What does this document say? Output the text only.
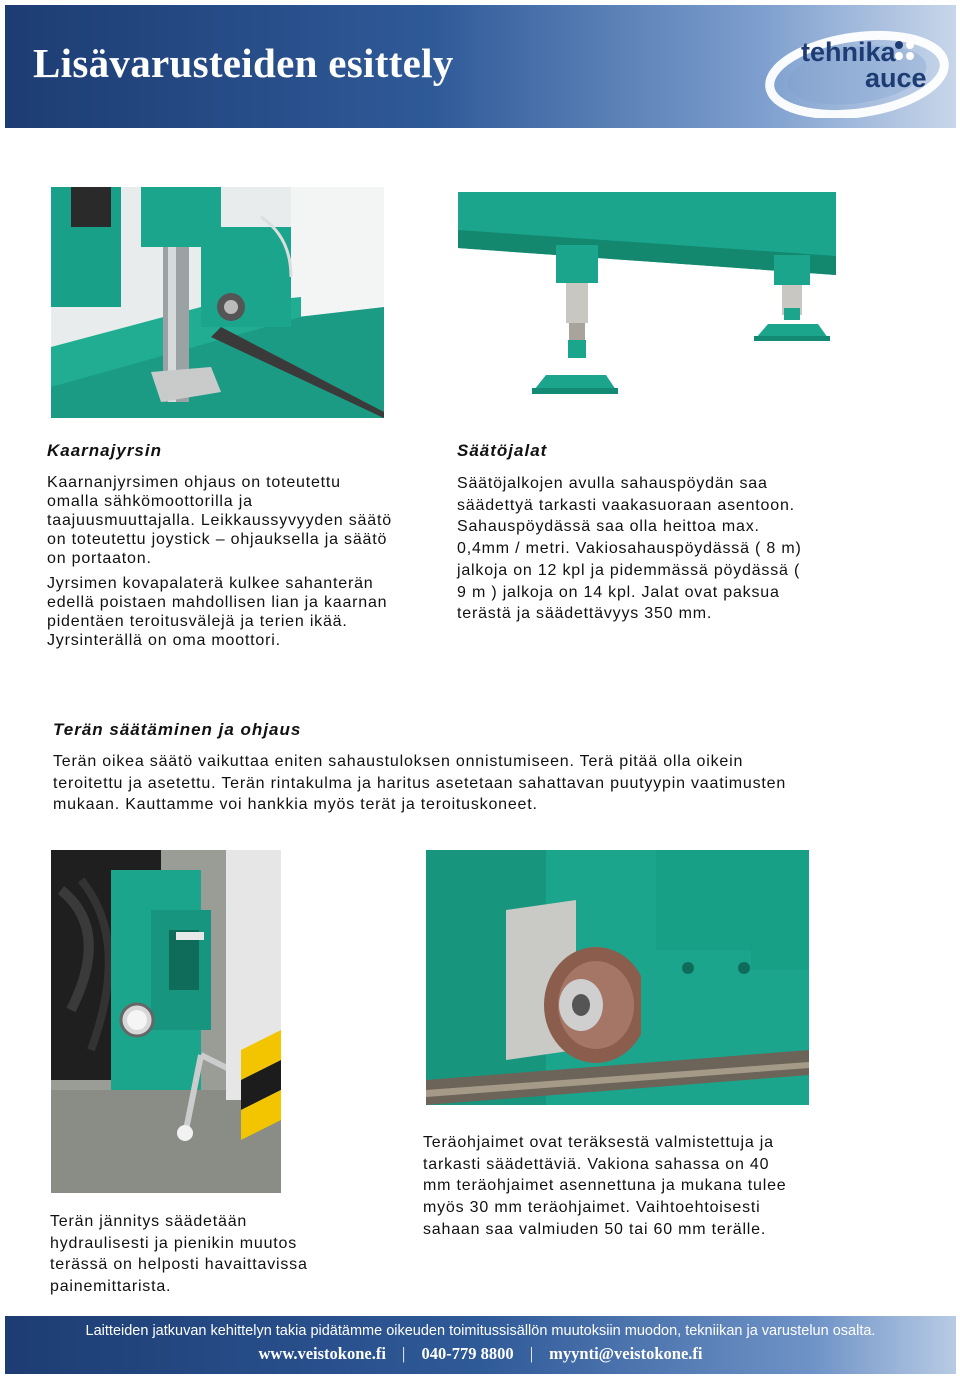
Lisävarusteiden esittely	tehnika
auce
Kaarnajyrsin
Kaarnanjyrsimen ohjaus on toteutettu omalla sähkömoottorilla ja taajuusmuuttajalla. Leikkaussyvyyden säätö on toteutettu joystick – ohjauksella ja säätö on portaaton.
Jyrsimen kovapalaterä kulkee sahanterän edellä poistaen mahdollisen lian ja kaarnan pidentäen teroitusvälejä ja terien ikää. Jyrsinterällä on oma moottori.
Säätöjalat
Säätöjalkojen avulla sahauspöydän saa säädettyä tarkasti vaakasuoraan asentoon. Sahauspöydässä saa olla heittoa max. 0,4mm / metri. Vakiosahauspöydässä ( 8 m) jalkoja on 12 kpl ja pidemmässä pöydässä ( 9 m ) jalkoja on 14 kpl. Jalat ovat paksua terästä ja säädettävyys 350 mm.
Terän säätäminen ja ohjaus
Terän oikea säätö vaikuttaa eniten sahaustuloksen onnistumiseen. Terä pitää olla oikein teroitettu ja asetettu. Terän rintakulma ja haritus asetetaan sahattavan puutyypin vaatimusten mukaan. Kauttamme voi hankkia myös terät ja teroituskoneet.
Terän jännitys säädetään hydraulisesti ja pienikin muutos terässä on helposti havaittavissa painemittarista.
Teräohjaimet ovat teräksestä valmistettuja ja tarkasti säädettäviä. Vakiona sahassa on 40 mm teräohjaimet asennettuna ja mukana tulee myös 30 mm teräohjaimet. Vaihtoehtoisesti sahaan saa valmiuden 50 tai 60 mm terälle.
Laitteiden jatkuvan kehittelyn takia pidätämme oikeuden toimitussisällön muutoksiin muodon, tekniikan ja varustelun osalta.
www.veistokone.fi | 040-779 8800 | myynti@veistokone.fi
